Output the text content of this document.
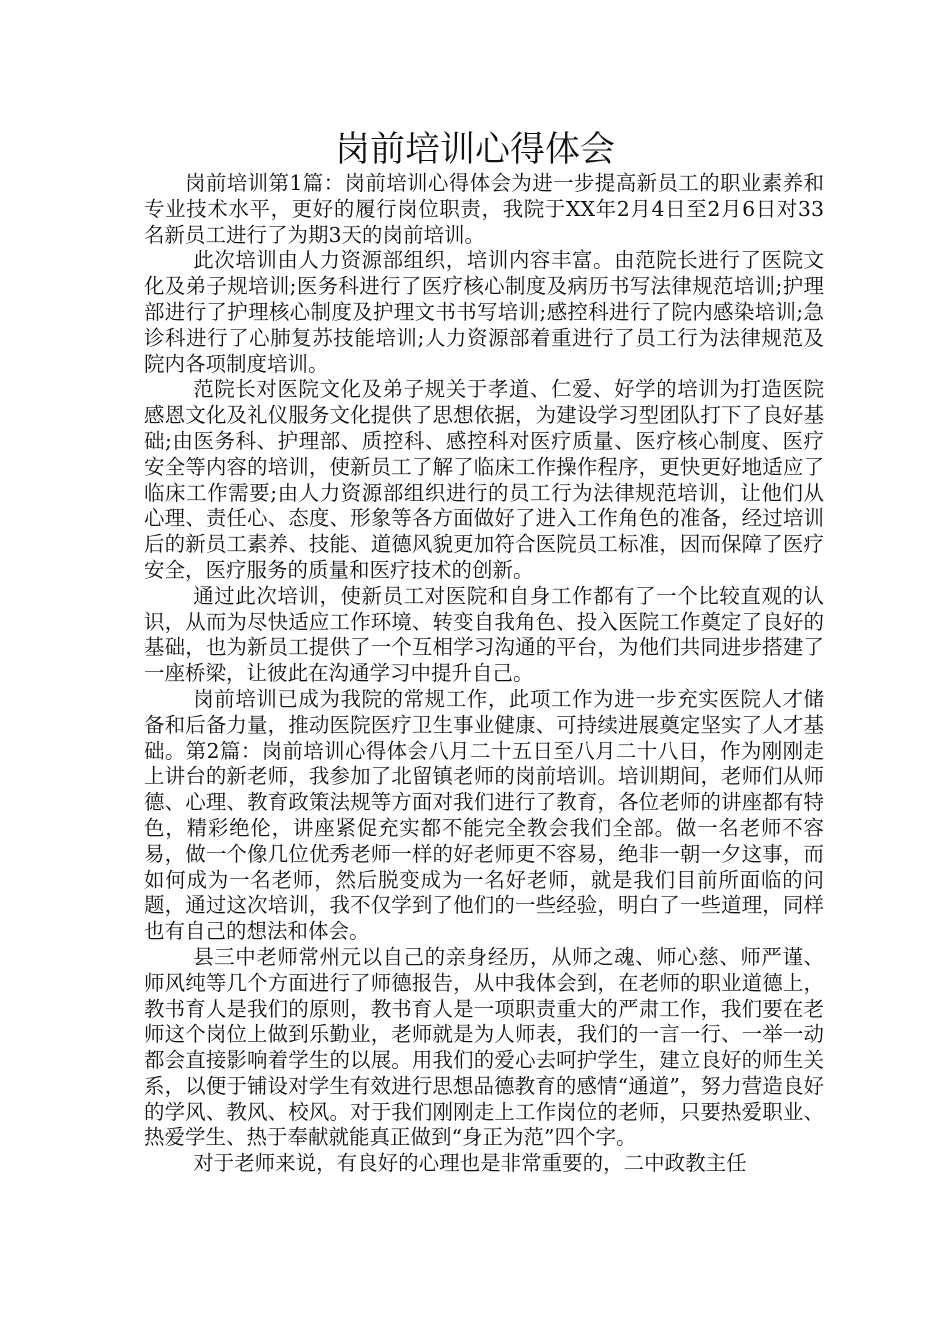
岗前培训心得体会

岗前培训第1篇：岗前培训心得体会为进一步提高新员工的职业素养和专业技术水平，更好的履行岗位职责，我院于XX年2月4日至2月6日对33名新员工进行了为期3天的岗前培训。

此次培训由人力资源部组织，培训内容丰富。由范院长进行了医院文化及弟子规培训;医务科进行了医疗核心制度及病历书写法律规范培训;护理部进行了护理核心制度及护理文书书写培训;感控科进行了院内感染培训;急诊科进行了心肺复苏技能培训;人力资源部着重进行了员工行为法律规范及院内各项制度培训。

范院长对医院文化及弟子规关于孝道、仁爱、好学的培训为打造医院感恩文化及礼仪服务文化提供了思想依据，为建设学习型团队打下了良好基础;由医务科、护理部、质控科、感控科对医疗质量、医疗核心制度、医疗安全等内容的培训，使新员工了解了临床工作操作程序，更快更好地适应了临床工作需要;由人力资源部组织进行的员工行为法律规范培训，让他们从心理、责任心、态度、形象等各方面做好了进入工作角色的准备，经过培训后的新员工素养、技能、道德风貌更加符合医院员工标准，因而保障了医疗安全，医疗服务的质量和医疗技术的创新。

通过此次培训，使新员工对医院和自身工作都有了一个比较直观的认识，从而为尽快适应工作环境、转变自我角色、投入医院工作奠定了良好的基础，也为新员工提供了一个互相学习沟通的平台，为他们共同进步搭建了一座桥梁，让彼此在沟通学习中提升自己。

岗前培训已成为我院的常规工作，此项工作为进一步充实医院人才储备和后备力量，推动医院医疗卫生事业健康、可持续进展奠定坚实了人才基础。第2篇：岗前培训心得体会八月二十五日至八月二十八日，作为刚刚走上讲台的新老师，我参加了北留镇老师的岗前培训。培训期间，老师们从师德、心理、教育政策法规等方面对我们进行了教育，各位老师的讲座都有特色，精彩绝伦，讲座紧促充实都不能完全教会我们全部。做一名老师不容易，做一个像几位优秀老师一样的好老师更不容易，绝非一朝一夕这事，而如何成为一名老师，然后脱变成为一名好老师，就是我们目前所面临的问题，通过这次培训，我不仅学到了他们的一些经验，明白了一些道理，同样也有自己的想法和体会。

县三中老师常州元以自己的亲身经历，从师之魂、师心慈、师严谨、师风纯等几个方面进行了师德报告，从中我体会到，在老师的职业道德上，教书育人是我们的原则，教书育人是一项职责重大的严肃工作，我们要在老师这个岗位上做到乐勤业，老师就是为人师表，我们的一言一行、一举一动都会直接影响着学生的以展。用我们的爱心去呵护学生，建立良好的师生关系，以便于铺设对学生有效进行思想品德教育的感情“通道”，努力营造良好的学风、教风、校风。对于我们刚刚走上工作岗位的老师，只要热爱职业、热爱学生、热于奉献就能真正做到“身正为范”四个字。

对于老师来说，有良好的心理也是非常重要的，二中政教主任
